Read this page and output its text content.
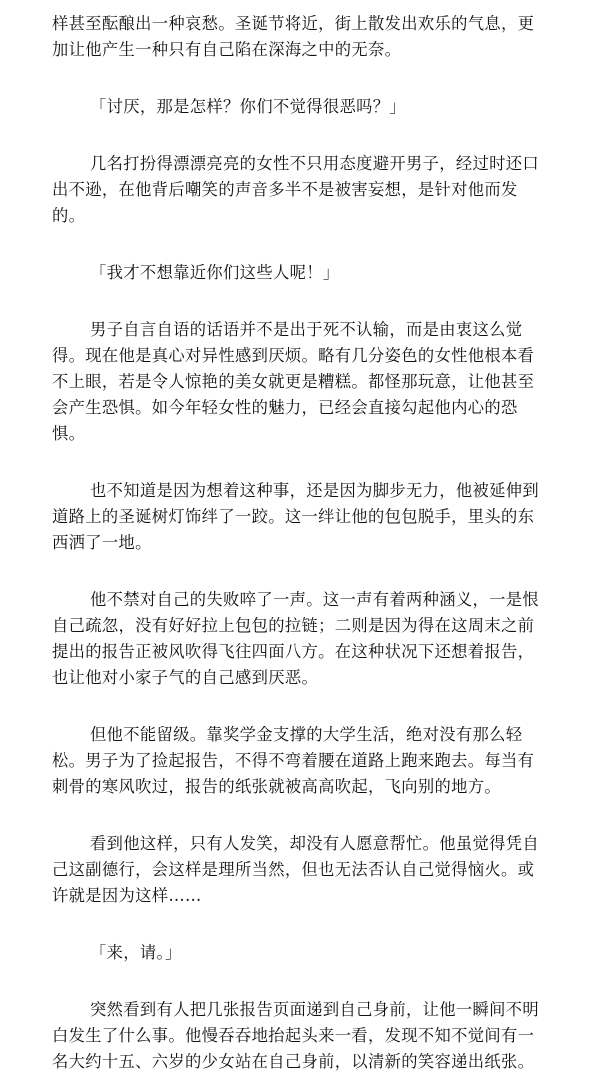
样甚至酝酿出一种哀愁。圣诞节将近，街上散发出欢乐的气息，更
加让他产生一种只有自己陷在深海之中的无奈。
「讨厌，那是怎样？你们不觉得很恶吗？」
几名打扮得漂漂亮亮的女性不只用态度避开男子，经过时还口
出不逊，在他背后嘲笑的声音多半不是被害妄想，是针对他而发
的。
「我才不想靠近你们这些人呢！」
男子自言自语的话语并不是出于死不认输，而是由衷这么觉
得。现在他是真心对异性感到厌烦。略有几分姿色的女性他根本看
不上眼，若是令人惊艳的美女就更是糟糕。都怪那玩意，让他甚至
会产生恐惧。如今年轻女性的魅力，已经会直接勾起他内心的恐
惧。
也不知道是因为想着这种事，还是因为脚步无力，他被延伸到
道路上的圣诞树灯饰绊了一跤。这一绊让他的包包脱手，里头的东
西洒了一地。
他不禁对自己的失败啐了一声。这一声有着两种涵义，一是恨
自己疏忽，没有好好拉上包包的拉链；二则是因为得在这周末之前
提出的报告正被风吹得飞往四面八方。在这种状况下还想着报告，
也让他对小家子气的自己感到厌恶。
但他不能留级。靠奖学金支撑的大学生活，绝对没有那么轻
松。男子为了捡起报告，不得不弯着腰在道路上跑来跑去。每当有
刺骨的寒风吹过，报告的纸张就被高高吹起，飞向别的地方。
看到他这样，只有人发笑，却没有人愿意帮忙。他虽觉得凭自
己这副德行，会这样是理所当然，但也无法否认自己觉得恼火。或
许就是因为这样……
「来，请。」
突然看到有人把几张报告页面递到自己身前，让他一瞬间不明
白发生了什么事。他慢吞吞地抬起头来一看，发现不知不觉间有一
名大约十五、六岁的少女站在自己身前，以清新的笑容递出纸张。
